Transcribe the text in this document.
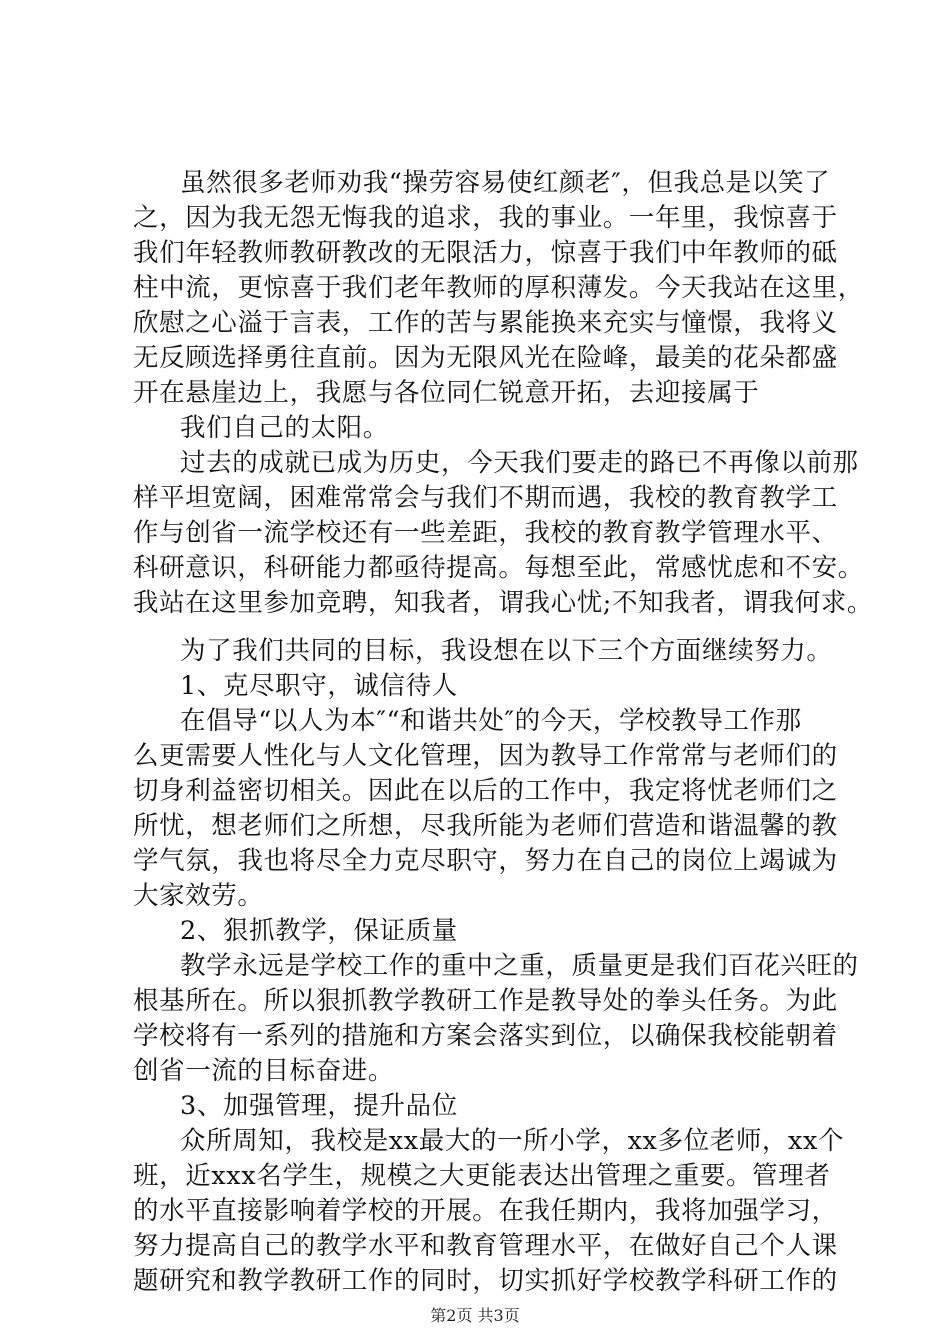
虽然很多老师劝我“操劳容易使红颜老″，但我总是以笑了
之，因为我无怨无悔我的追求，我的事业。一年里，我惊喜于
我们年轻教师教研教改的无限活力，惊喜于我们中年教师的砥
柱中流，更惊喜于我们老年教师的厚积薄发。今天我站在这里，
欣慰之心溢于言表，工作的苦与累能换来充实与憧憬，我将义
无反顾选择勇往直前。因为无限风光在险峰，最美的花朵都盛
开在悬崖边上，我愿与各位同仁锐意开拓，去迎接属于
我们自己的太阳。
过去的成就已成为历史，今天我们要走的路已不再像以前那
样平坦宽阔，困难常常会与我们不期而遇，我校的教育教学工
作与创省一流学校还有一些差距，我校的教育教学管理水平、
科研意识，科研能力都亟待提高。每想至此，常感忧虑和不安。
我站在这里参加竞聘，知我者，谓我心忧;不知我者，谓我何求。
为了我们共同的目标，我设想在以下三个方面继续努力。
1、克尽职守，诚信待人
在倡导“以人为本″“和谐共处″的今天，学校教导工作那
么更需要人性化与人文化管理，因为教导工作常常与老师们的
切身利益密切相关。因此在以后的工作中，我定将忧老师们之
所忧，想老师们之所想，尽我所能为老师们营造和谐温馨的教
学气氛，我也将尽全力克尽职守，努力在自己的岗位上竭诚为
大家效劳。
2、狠抓教学，保证质量
教学永远是学校工作的重中之重，质量更是我们百花兴旺的
根基所在。所以狠抓教学教研工作是教导处的拳头任务。为此
学校将有一系列的措施和方案会落实到位，以确保我校能朝着
创省一流的目标奋进。
3、加强管理，提升品位
众所周知，我校是xx最大的一所小学，xx多位老师，xx个
班，近xxx名学生，规模之大更能表达出管理之重要。管理者
的水平直接影响着学校的开展。在我任期内，我将加强学习，
努力提高自己的教学水平和教育管理水平，在做好自己个人课
题研究和教学教研工作的同时，切实抓好学校教学科研工作的
第2页 共3页
